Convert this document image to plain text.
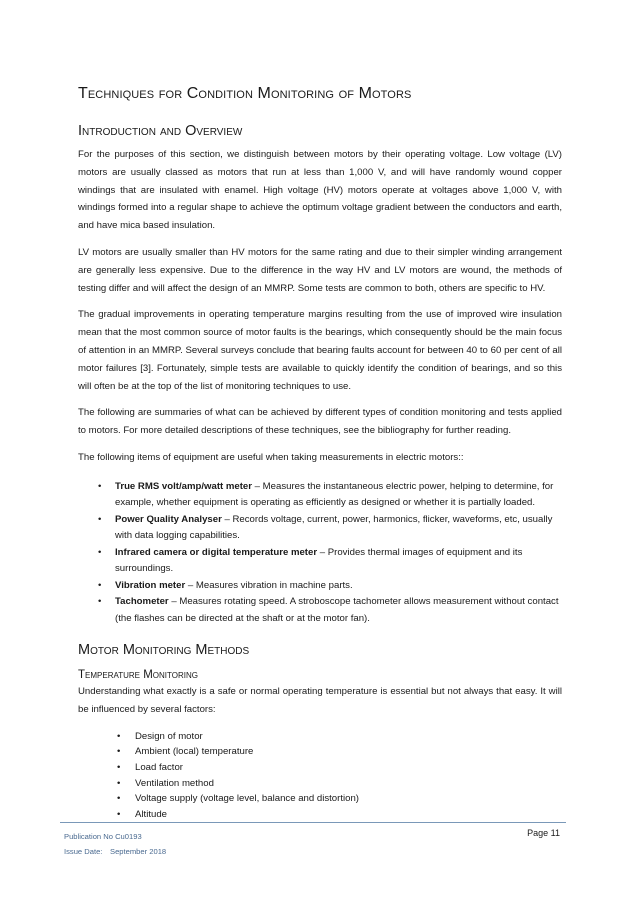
Techniques for Condition Monitoring of Motors
Introduction and Overview

For the purposes of this section, we distinguish between motors by their operating voltage. Low voltage (LV) motors are usually classed as motors that run at less than 1,000 V, and will have randomly wound copper windings that are insulated with enamel. High voltage (HV) motors operate at voltages above 1,000 V, with windings formed into a regular shape to achieve the optimum voltage gradient between the conductors and earth, and have mica based insulation.

LV motors are usually smaller than HV motors for the same rating and due to their simpler winding arrangement are generally less expensive. Due to the difference in the way HV and LV motors are wound, the methods of testing differ and will affect the design of an MMRP. Some tests are common to both, others are specific to HV.

The gradual improvements in operating temperature margins resulting from the use of improved wire insulation mean that the most common source of motor faults is the bearings, which consequently should be the main focus of attention in an MMRP. Several surveys conclude that bearing faults account for between 40 to 60 per cent of all motor failures [3]. Fortunately, simple tests are available to quickly identify the condition of bearings, and so this will often be at the top of the list of monitoring techniques to use.

The following are summaries of what can be achieved by different types of condition monitoring and tests applied to motors. For more detailed descriptions of these techniques, see the bibliography for further reading.

The following items of equipment are useful when taking measurements in electric motors::

• True RMS volt/amp/watt meter – Measures the instantaneous electric power, helping to determine, for example, whether equipment is operating as efficiently as designed or whether it is partially loaded.
• Power Quality Analyser – Records voltage, current, power, harmonics, flicker, waveforms, etc, usually with data logging capabilities.
• Infrared camera or digital temperature meter – Provides thermal images of equipment and its surroundings.
• Vibration meter – Measures vibration in machine parts.
• Tachometer – Measures rotating speed. A stroboscope tachometer allows measurement without contact (the flashes can be directed at the shaft or at the motor fan).
Motor Monitoring Methods
Temperature Monitoring

Understanding what exactly is a safe or normal operating temperature is essential but not always that easy. It will be influenced by several factors:

• Design of motor
• Ambient (local) temperature
• Load factor
• Ventilation method
• Voltage supply (voltage level, balance and distortion)
• Altitude
Publication No Cu0193
Issue Date: September 2018
Page 11
